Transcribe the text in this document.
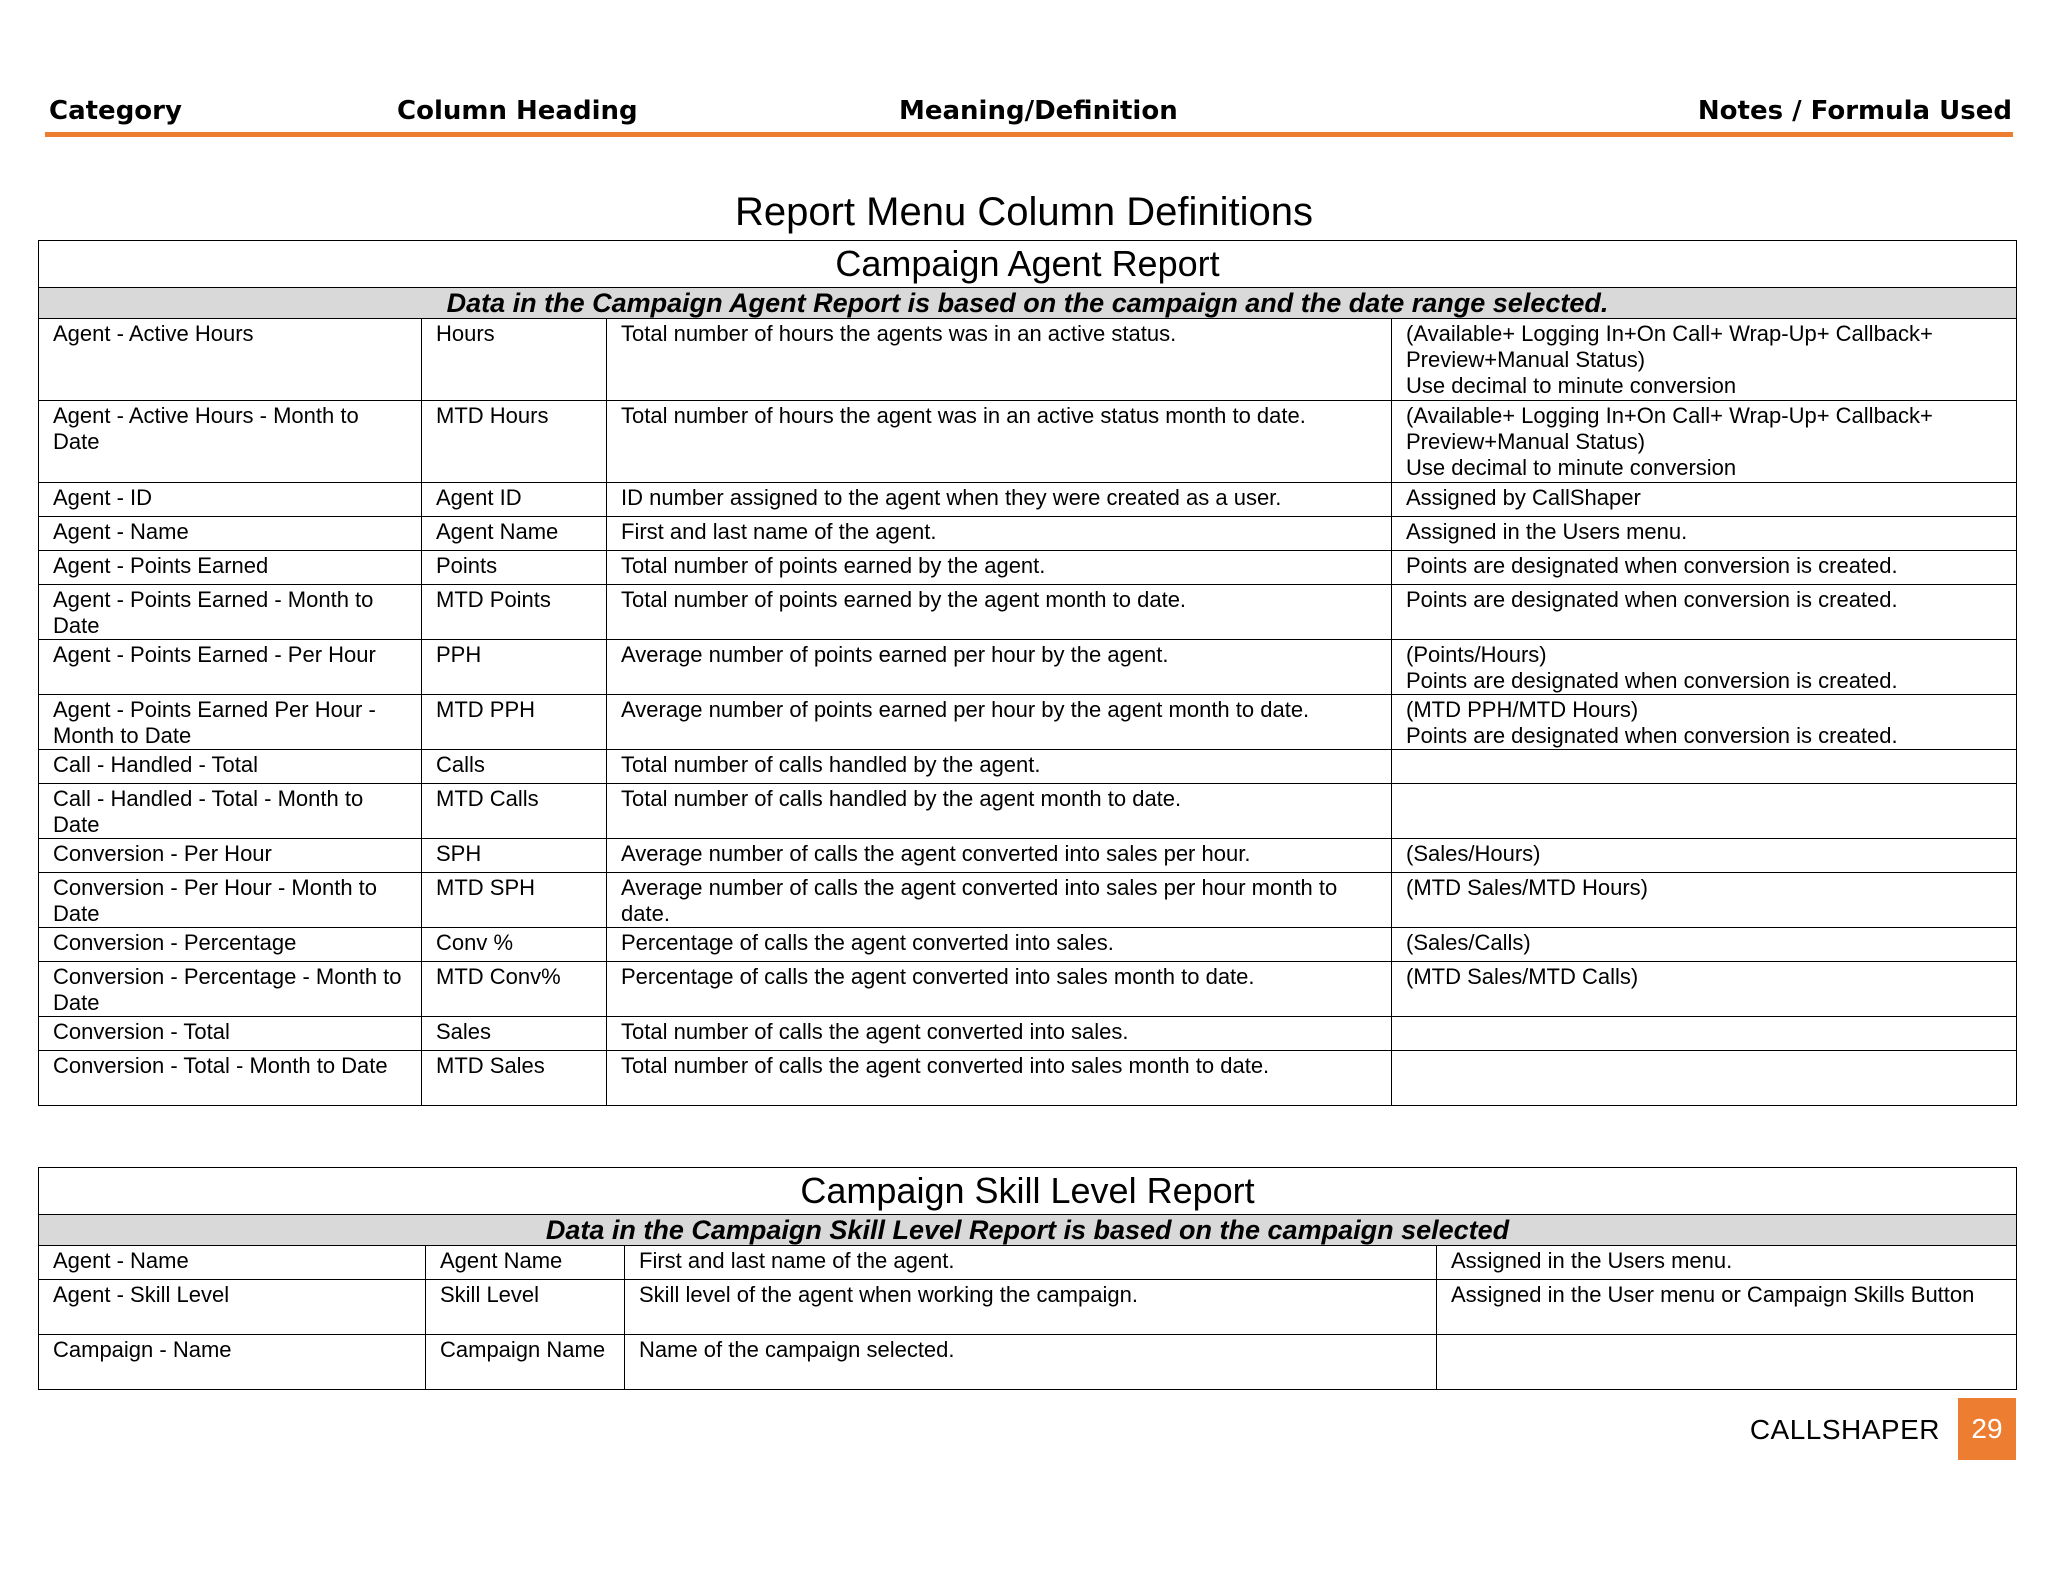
Category	Column Heading	Meaning/Definition	Notes / Formula Used
Report Menu Column Definitions
Campaign Agent Report			
Data in the Campaign Agent Report is based on the campaign and the date range selected.			
Agent - Active Hours	Hours	Total number of hours the agents was in an active status.	(Available+ Logging In+On Call+ Wrap-Up+ Callback+ Preview+Manual Status)
Use decimal to minute conversion
Agent - Active Hours - Month to Date	MTD Hours	Total number of hours the agent was in an active status month to date.	(Available+ Logging In+On Call+ Wrap-Up+ Callback+ Preview+Manual Status)
Use decimal to minute conversion
Agent - ID	Agent ID	ID number assigned to the agent when they were created as a user.	Assigned by CallShaper
Agent - Name	Agent Name	First and last name of the agent.	Assigned in the Users menu.
Agent - Points Earned	Points	Total number of points earned by the agent.	Points are designated when conversion is created.
Agent - Points Earned - Month to Date	MTD Points	Total number of points earned by the agent month to date.	Points are designated when conversion is created.
Agent - Points Earned - Per Hour	PPH	Average number of points earned per hour by the agent.	(Points/Hours)
Points are designated when conversion is created.
Agent - Points Earned Per Hour - Month to Date	MTD PPH	Average number of points earned per hour by the agent month to date.	(MTD PPH/MTD Hours)
Points are designated when conversion is created.
Call - Handled - Total	Calls	Total number of calls handled by the agent.	
Call - Handled - Total - Month to Date	MTD Calls	Total number of calls handled by the agent month to date.	
Conversion - Per Hour	SPH	Average number of calls the agent converted into sales per hour.	(Sales/Hours)
Conversion - Per Hour - Month to Date	MTD SPH	Average number of calls the agent converted into sales per hour month to date.	(MTD Sales/MTD Hours)
Conversion - Percentage	Conv %	Percentage of calls the agent converted into sales.	(Sales/Calls)
Conversion - Percentage - Month to Date	MTD Conv%	Percentage of calls the agent converted into sales month to date.	(MTD Sales/MTD Calls)
Conversion - Total	Sales	Total number of calls the agent converted into sales.	
Conversion - Total - Month to Date	MTD Sales	Total number of calls the agent converted into sales month to date.	
Campaign Skill Level Report			
Data in the Campaign Skill Level Report is based on the campaign selected			
Agent - Name	Agent Name	First and last name of the agent.	Assigned in the Users menu.
Agent - Skill Level	Skill Level	Skill level of the agent when working the campaign.	Assigned in the User menu or Campaign Skills Button
Campaign - Name	Campaign Name	Name of the campaign selected.	
CALLSHAPER	29
